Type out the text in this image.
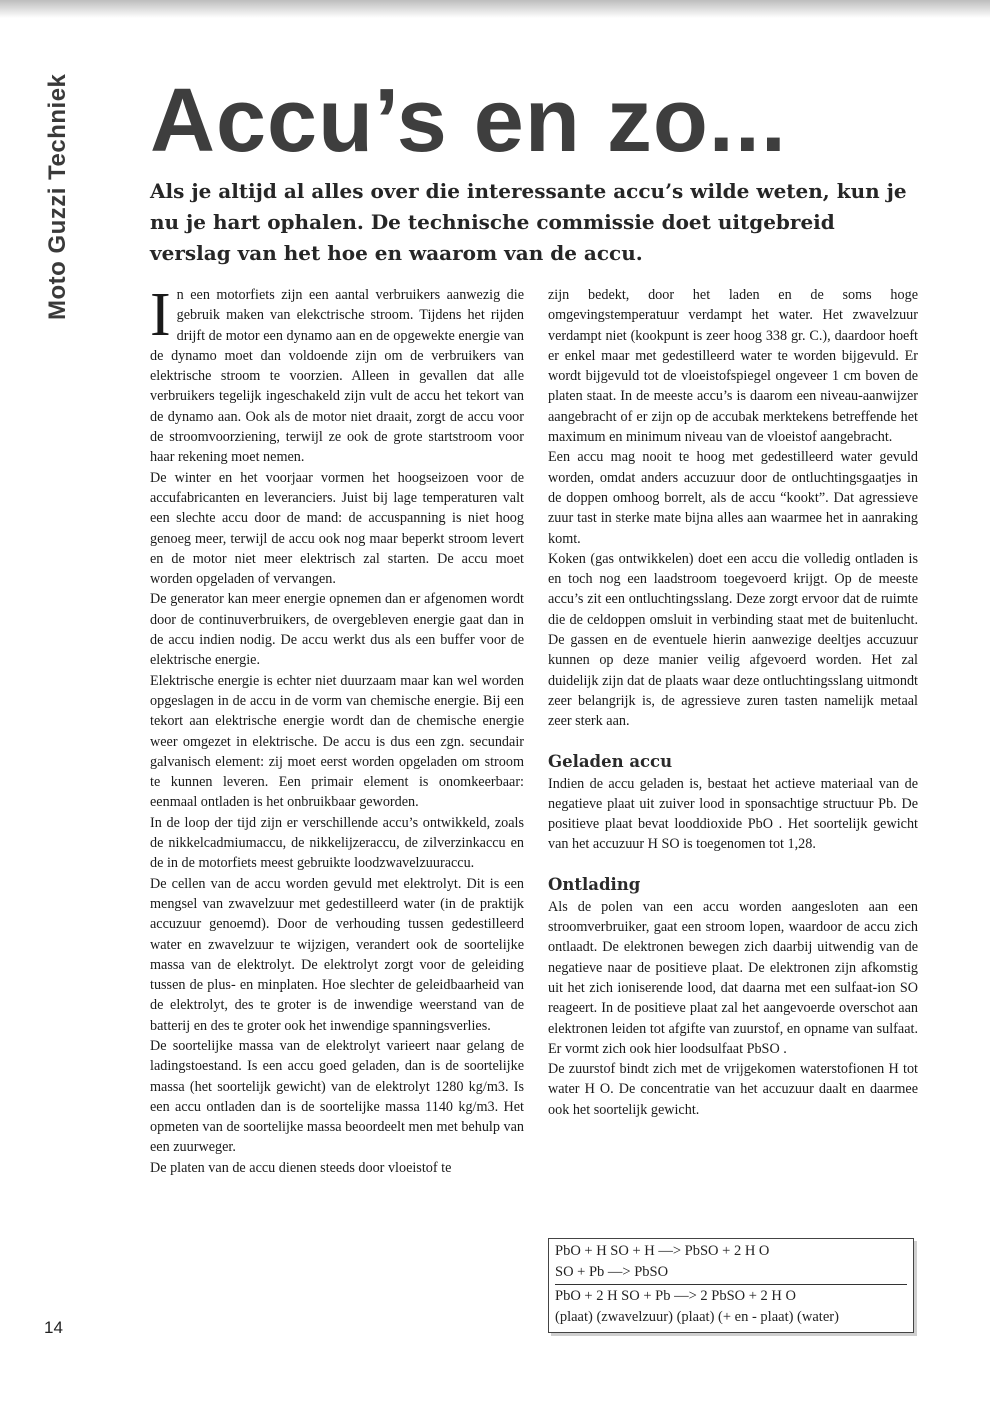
Moto Guzzi Techniek Accu’s en zo...
Als je altijd al alles over die interessante accu’s wilde weten, kun je nu je hart ophalen. De technische commissie doet uitgebreid verslag van het hoe en waarom van de accu.

In een motorfiets zijn een aantal verbruikers aanwezig die gebruik maken van elekctrische stroom. Tijdens het rijden drijft de motor een dynamo aan en de opgewekte energie van de dynamo moet dan voldoende zijn om de verbruikers van elektrische stroom te voorzien. Alleen in gevallen dat alle verbruikers tegelijk ingeschakeld zijn vult de accu het tekort van de dynamo aan. Ook als de motor niet draait, zorgt de accu voor de stroomvoorziening, terwijl ze ook de grote startstroom voor haar rekening moet nemen.

De winter en het voorjaar vormen het hoogseizoen voor de accufabricanten en leveranciers. Juist bij lage temperaturen valt een slechte accu door de mand: de accuspanning is niet hoog genoeg meer, terwijl de accu ook nog maar beperkt stroom levert en de motor niet meer elektrisch zal starten. De accu moet worden opgeladen of vervangen.

De generator kan meer energie opnemen dan er afgenomen wordt door de continuverbruikers, de overgebleven energie gaat dan in de accu indien nodig. De accu werkt dus als een buffer voor de elektrische energie.

Elektrische energie is echter niet duurzaam maar kan wel worden opgeslagen in de accu in de vorm van chemische energie. Bij een tekort aan elektrische energie wordt dan de chemische energie weer omgezet in elektrische. De accu is dus een zgn. secundair galvanisch element: zij moet eerst worden opgeladen om stroom te kunnen leveren. Een primair element is onomkeerbaar: eenmaal ontladen is het onbruikbaar geworden.

In de loop der tijd zijn er verschillende accu’s ontwikkeld, zoals de nikkelcadmiumaccu, de nikkelijzeraccu, de zilverzinkaccu en de in de motorfiets meest gebruikte loodzwavelzuuraccu.

De cellen van de accu worden gevuld met elektrolyt. Dit is een mengsel van zwavelzuur met gedestilleerd water (in de praktijk accuzuur genoemd). Door de verhouding tussen gedestilleerd water en zwavelzuur te wijzigen, verandert ook de soortelijke massa van de elektrolyt. De elektrolyt zorgt voor de geleiding tussen de plus- en minplaten. Hoe slechter de geleidbaarheid van de elektrolyt, des te groter is de inwendige weerstand van de batterij en des te groter ook het inwendige spanningsverlies.

De soortelijke massa van de elektrolyt varieert naar gelang de ladingstoestand. Is een accu goed geladen, dan is de soortelijke massa (het soortelijk gewicht) van de elektrolyt 1280 kg/m3. Is een accu ontladen dan is de soortelijke massa 1140 kg/m3. Het opmeten van de soortelijke massa beoordeelt men met behulp van een zuurweger.

De platen van de accu dienen steeds door vloeistof te

zijn bedekt, door het laden en de soms hoge omgevingstemperatuur verdampt het water. Het zwavelzuur verdampt niet (kookpunt is zeer hoog 338 gr. C.), daardoor hoeft er enkel maar met gedestilleerd water te worden bijgevuld. Er wordt bijgevuld tot de vloeistofspiegel ongeveer 1 cm boven de platen staat. In de meeste accu’s is daarom een niveau-aanwijzer aangebracht of er zijn op de accubak merktekens betreffende het maximum en minimum niveau van de vloeistof aangebracht.

Een accu mag nooit te hoog met gedestilleerd water gevuld worden, omdat anders accuzuur door de ontluchtingsgaatjes in de doppen omhoog borrelt, als de accu “kookt”. Dat agressieve zuur tast in sterke mate bijna alles aan waarmee het in aanraking komt.

Koken (gas ontwikkelen) doet een accu die volledig ontladen is en toch nog een laadstroom toegevoerd krijgt. Op de meeste accu’s zit een ontluchtingsslang. Deze zorgt ervoor dat de ruimte die de celdoppen omsluit in verbinding staat met de buitenlucht. De gassen en de eventuele hierin aanwezige deeltjes accuzuur kunnen op deze manier veilig afgevoerd worden. Het zal duidelijk zijn dat de plaats waar deze ontluchtingsslang uitmondt zeer belangrijk is, de agressieve zuren tasten namelijk metaal zeer sterk aan.

Geladen accu

Indien de accu geladen is, bestaat het actieve materiaal van de negatieve plaat uit zuiver lood in sponsachtige structuur Pb. De positieve plaat bevat looddioxide PbO . Het soortelijk gewicht van het accuzuur H SO is toegenomen tot 1,28.

Ontlading

Als de polen van een accu worden aangesloten aan een stroomverbruiker, gaat een stroom lopen, waardoor de accu zich ontlaadt. De elektronen bewegen zich daarbij uitwendig van de negatieve naar de positieve plaat. De elektronen zijn afkomstig uit het zich ioniserende lood, dat daarna met een sulfaat-ion SO reageert. In de positieve plaat zal het aangevoerde overschot aan elektronen leiden tot afgifte van zuurstof, en opname van sulfaat. Er vormt zich ook hier loodsulfaat PbSO .

De zuurstof bindt zich met de vrijgekomen waterstofionen H tot water H O. De concentratie van het accuzuur daalt en daarmee ook het soortelijk gewicht.

PbO + H SO + H —> PbSO + 2 H O
SO + Pb —> PbSO
PbO + 2 H SO + Pb —> 2 PbSO + 2 H O
(plaat) (zwavelzuur) (plaat) (+ en - plaat) (water)
14
